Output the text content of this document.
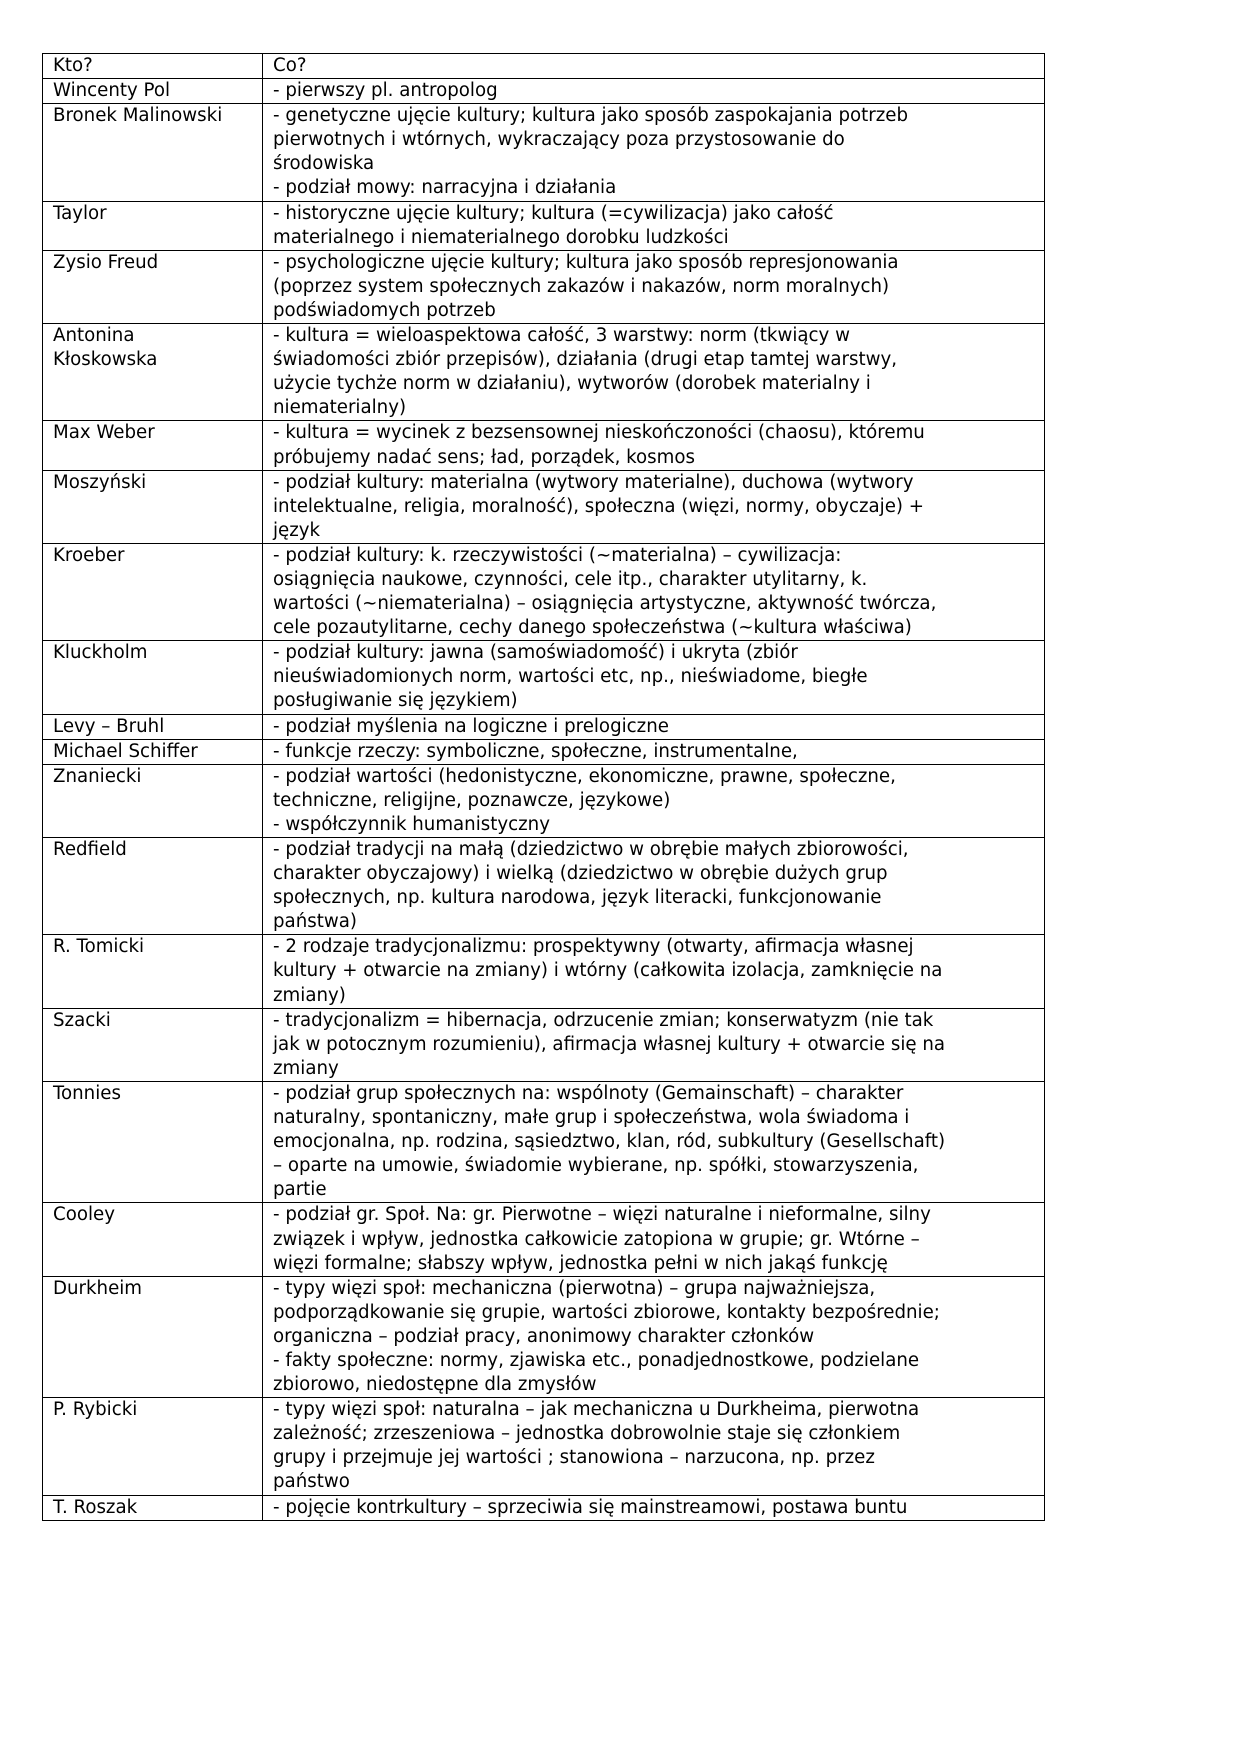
Kto?	Co?

Wincenty Pol	- pierwszy pl. antropolog

Bronek Malinowski	- genetyczne ujęcie kultury; kultura jako sposób zaspokajania potrzeb
pierwotnych i wtórnych, wykraczający poza przystosowanie do
środowiska
- podział mowy: narracyjna i działania

Taylor	- historyczne ujęcie kultury; kultura (=cywilizacja) jako całość
materialnego i niematerialnego dorobku ludzkości

Zysio Freud	- psychologiczne ujęcie kultury; kultura jako sposób represjonowania
(poprzez system społecznych zakazów i nakazów, norm moralnych)
podświadomych potrzeb

Antonina
Kłoskowska	- kultura = wieloaspektowa całość, 3 warstwy: norm (tkwiący w
świadomości zbiór przepisów), działania (drugi etap tamtej warstwy,
użycie tychże norm w działaniu), wytworów (dorobek materialny i
niematerialny)

Max Weber	- kultura = wycinek z bezsensownej nieskończoności (chaosu), któremu
próbujemy nadać sens; ład, porządek, kosmos

Moszyński	- podział kultury: materialna (wytwory materialne), duchowa (wytwory
intelektualne, religia, moralność), społeczna (więzi, normy, obyczaje) +
język

Kroeber	- podział kultury: k. rzeczywistości (~materialna) – cywilizacja:
osiągnięcia naukowe, czynności, cele itp., charakter utylitarny, k.
wartości (~niematerialna) – osiągnięcia artystyczne, aktywność twórcza,
cele pozautylitarne, cechy danego społeczeństwa (~kultura właściwa)

Kluckholm	- podział kultury: jawna (samoświadomość) i ukryta (zbiór
nieuświadomionych norm, wartości etc, np., nieświadome, biegłe
posługiwanie się językiem)

Levy – Bruhl	- podział myślenia na logiczne i prelogiczne

Michael Schiffer	- funkcje rzeczy: symboliczne, społeczne, instrumentalne,

Znaniecki	- podział wartości (hedonistyczne, ekonomiczne, prawne, społeczne,
techniczne, religijne, poznawcze, językowe)
- współczynnik humanistyczny

Redfield	- podział tradycji na małą (dziedzictwo w obrębie małych zbiorowości,
charakter obyczajowy) i wielką (dziedzictwo w obrębie dużych grup
społecznych, np. kultura narodowa, język literacki, funkcjonowanie
państwa)

R. Tomicki	- 2 rodzaje tradycjonalizmu: prospektywny (otwarty, afirmacja własnej
kultury + otwarcie na zmiany) i wtórny (całkowita izolacja, zamknięcie na
zmiany)

Szacki	- tradycjonalizm = hibernacja, odrzucenie zmian; konserwatyzm (nie tak
jak w potocznym rozumieniu), afirmacja własnej kultury + otwarcie się na
zmiany

Tonnies	- podział grup społecznych na: wspólnoty (Gemainschaft) – charakter
naturalny, spontaniczny, małe grup i społeczeństwa, wola świadoma i
emocjonalna, np. rodzina, sąsiedztwo, klan, ród, subkultury (Gesellschaft)
– oparte na umowie, świadomie wybierane, np. spółki, stowarzyszenia,
partie

Cooley	- podział gr. Społ. Na: gr. Pierwotne – więzi naturalne i nieformalne, silny
związek i wpływ, jednostka całkowicie zatopiona w grupie; gr. Wtórne –
więzi formalne; słabszy wpływ, jednostka pełni w nich jakąś funkcję

Durkheim	- typy więzi społ: mechaniczna (pierwotna) – grupa najważniejsza,
podporządkowanie się grupie, wartości zbiorowe, kontakty bezpośrednie;
organiczna – podział pracy, anonimowy charakter członków
- fakty społeczne: normy, zjawiska etc., ponadjednostkowe, podzielane
zbiorowo, niedostępne dla zmysłów

P. Rybicki	- typy więzi społ: naturalna – jak mechaniczna u Durkheima, pierwotna
zależność; zrzeszeniowa – jednostka dobrowolnie staje się członkiem
grupy i przejmuje jej wartości ; stanowiona – narzucona, np. przez
państwo

T. Roszak	- pojęcie kontrkultury – sprzeciwia się mainstreamowi, postawa buntu
